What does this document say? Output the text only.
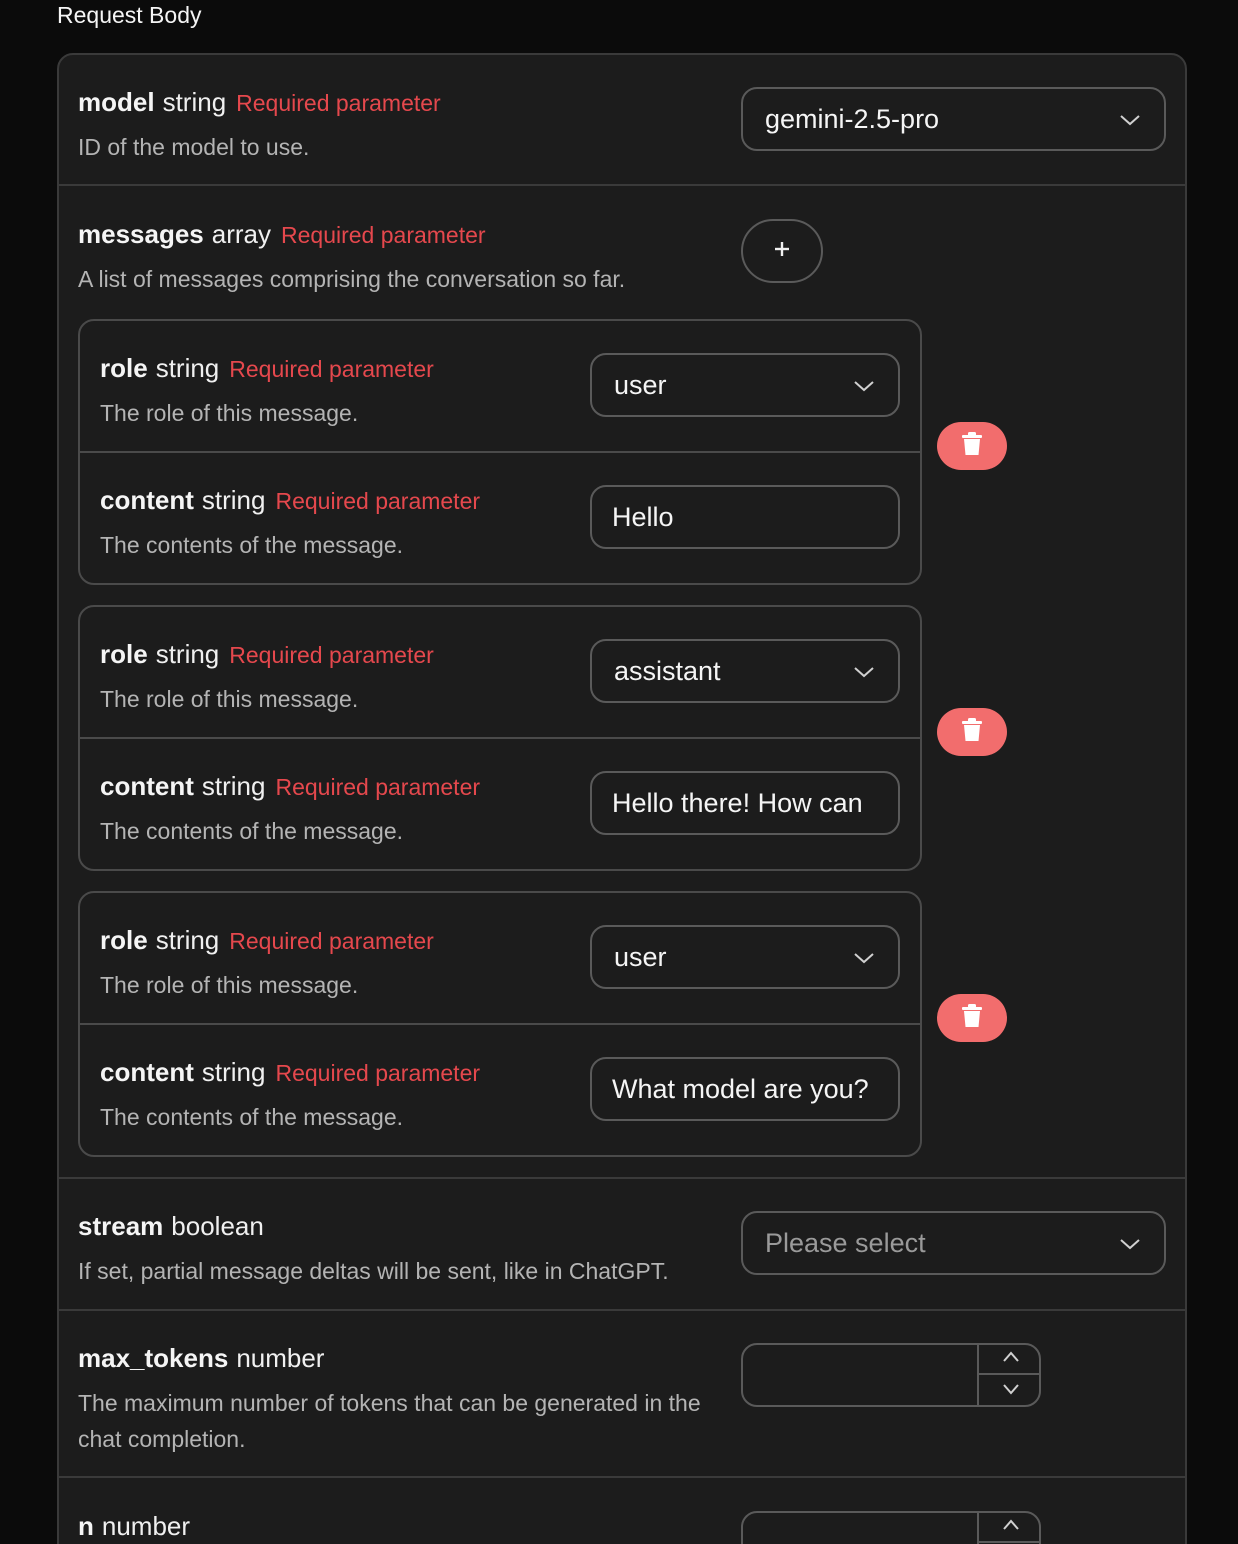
Request Body
model string Required parameter
ID of the model to use.
gemini-2.5-pro
messages array Required parameter
A list of messages comprising the conversation so far.
role string Required parameter
The role of this message.
user
content string Required parameter
The contents of the message.
Hello
role string Required parameter
The role of this message.
assistant
content string Required parameter
The contents of the message.
Hello there! How can
role string Required parameter
The role of this message.
user
content string Required parameter
The contents of the message.
What model are you?
stream boolean
If set, partial message deltas will be sent, like in ChatGPT.
Please select
max_tokens number
The maximum number of tokens that can be generated in the chat completion.
n number
